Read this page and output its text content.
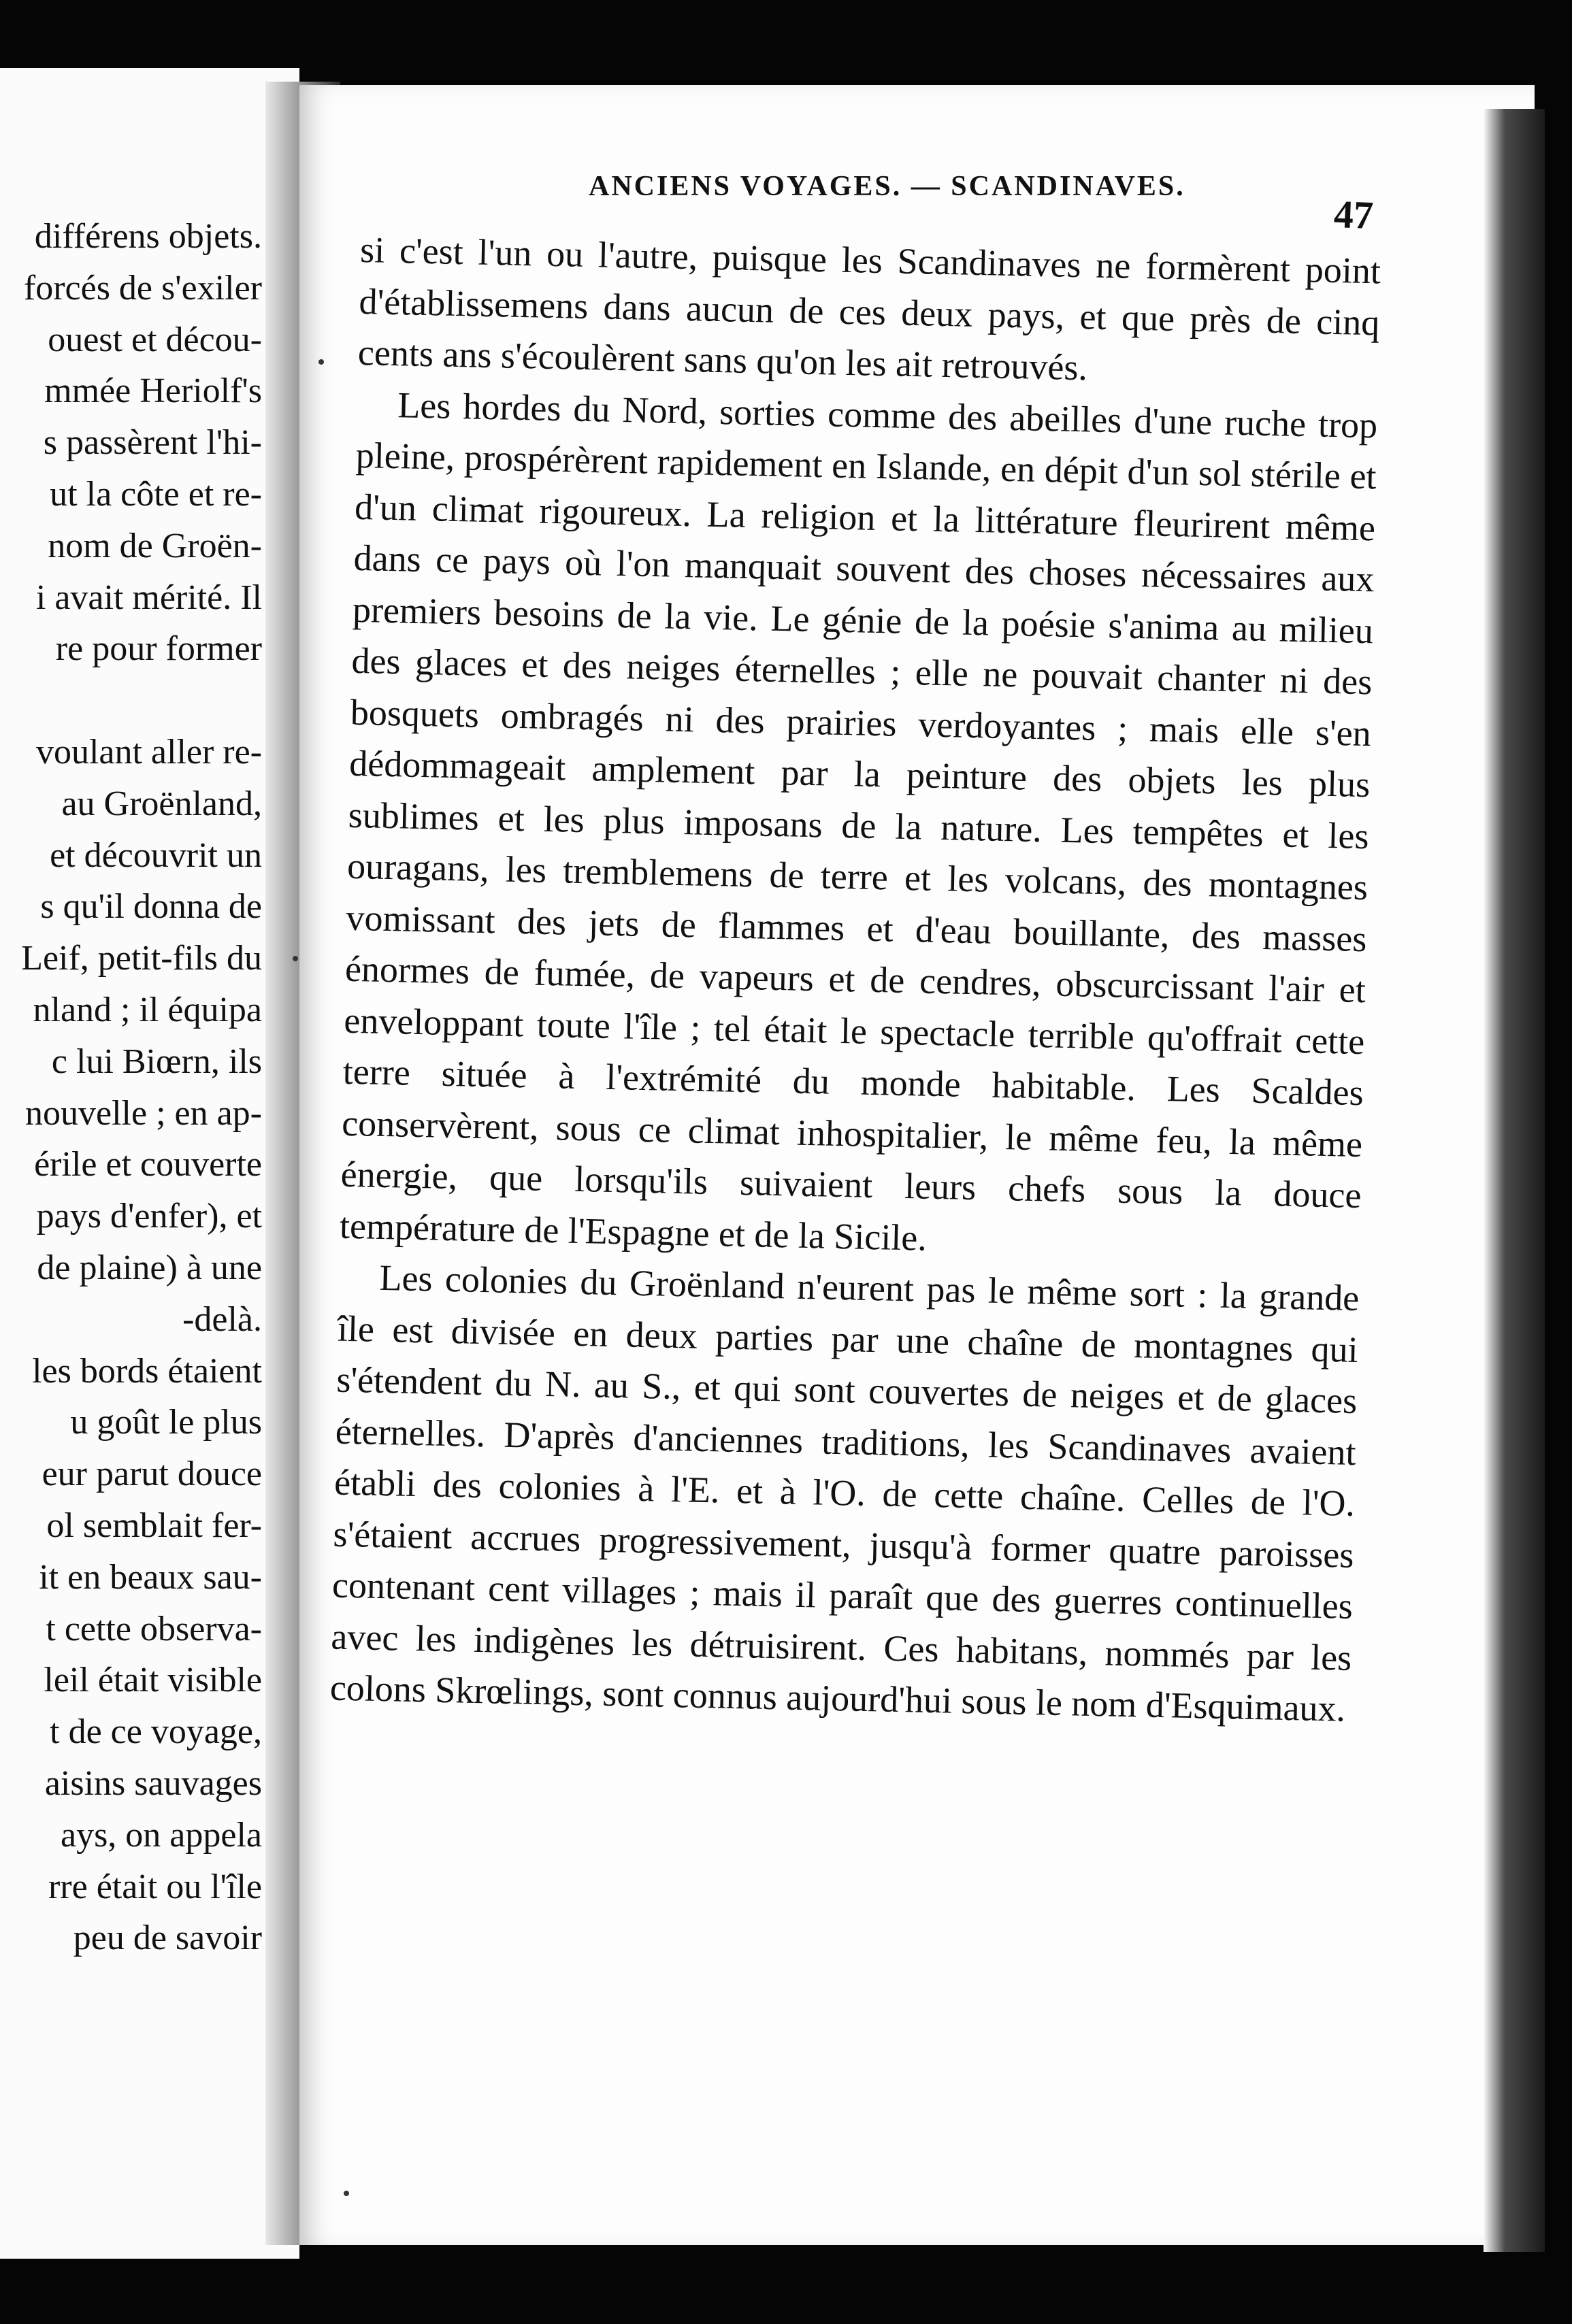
différens objets.
forcés de s'exiler
ouest et décou-
mmée Heriolf's
s passèrent l'hi-
ut la côte et re-
nom de Groën-
i avait mérité. Il
re pour former
voulant aller re-
au Groënland,
et découvrit un
s qu'il donna de
Leif, petit-fils du
nland ; il équipa
c lui Biœrn, ils
nouvelle ; en ap-
érile et couverte
pays d'enfer), et
de plaine) à une
-delà.
les bords étaient
u goût le plus
eur parut douce
ol semblait fer-
it en beaux sau-
t cette observa-
leil était visible
t de ce voyage,
aisins sauvages
ays, on appela
rre était ou l'île
peu de savoir
ANCIENS VOYAGES. — SCANDINAVES.
47

si c'est l'un ou l'autre, puisque les Scandinaves ne formèrent point d'établissemens dans aucun de ces deux pays, et que près de cinq cents ans s'écoulèrent sans qu'on les ait retrouvés.

Les hordes du Nord, sorties comme des abeilles d'une ruche trop pleine, prospérèrent rapidement en Islande, en dépit d'un sol stérile et d'un climat rigoureux. La religion et la littérature fleurirent même dans ce pays où l'on manquait souvent des choses nécessaires aux premiers besoins de la vie. Le génie de la poésie s'anima au milieu des glaces et des neiges éternelles ; elle ne pouvait chanter ni des bosquets ombragés ni des prairies verdoyantes ; mais elle s'en dédommageait amplement par la peinture des objets les plus sublimes et les plus imposans de la nature. Les tempêtes et les ouragans, les tremblemens de terre et les volcans, des montagnes vomissant des jets de flammes et d'eau bouillante, des masses énormes de fumée, de vapeurs et de cendres, obscurcissant l'air et enveloppant toute l'île ; tel était le spectacle terrible qu'offrait cette terre située à l'extrémité du monde habitable. Les Scaldes conservèrent, sous ce climat inhospitalier, le même feu, la même énergie, que lorsqu'ils suivaient leurs chefs sous la douce température de l'Espagne et de la Sicile.

Les colonies du Groënland n'eurent pas le même sort : la grande île est divisée en deux parties par une chaîne de montagnes qui s'étendent du N. au S., et qui sont couvertes de neiges et de glaces éternelles. D'après d'anciennes traditions, les Scandinaves avaient établi des colonies à l'E. et à l'O. de cette chaîne. Celles de l'O. s'étaient accrues progressivement, jusqu'à former quatre paroisses contenant cent villages ; mais il paraît que des guerres continuelles avec les indigènes les détruisirent. Ces habitans, nommés par les colons Skrœlings, sont connus aujourd'hui sous le nom d'Esquimaux.
